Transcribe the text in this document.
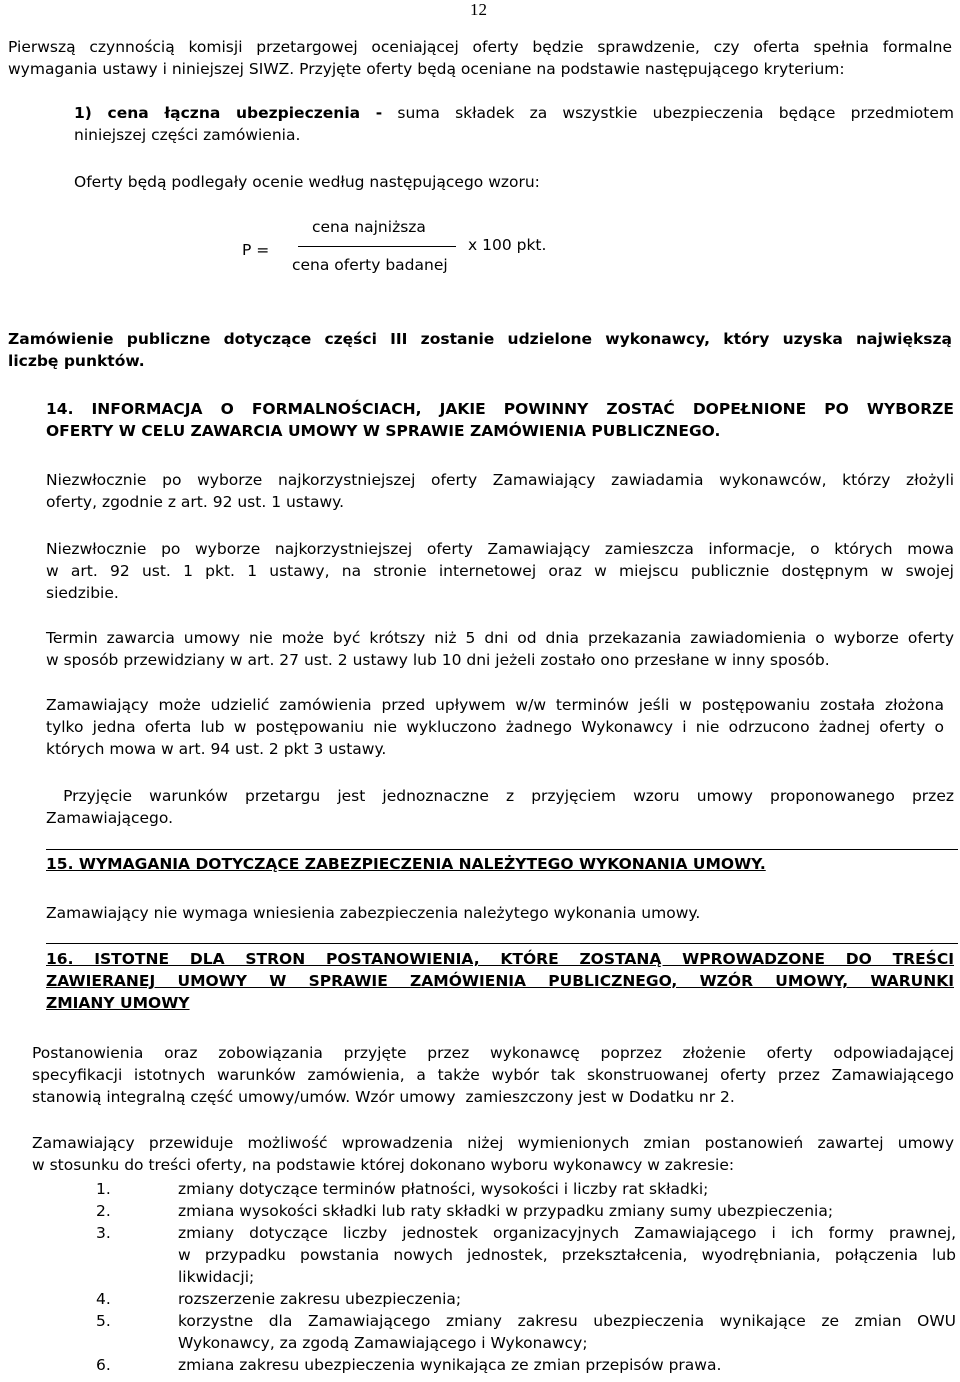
12
Pierwszą czynnością komisji przetargowej oceniającej oferty będzie sprawdzenie, czy oferta spełnia formalne
wymagania ustawy i niniejszej SIWZ. Przyjęte oferty będą oceniane na podstawie następującego kryterium:
1) cena łączna ubezpieczenia - suma składek za wszystkie ubezpieczenia będące przedmiotem
niniejszej części zamówienia.
Oferty będą podlegały ocenie według następującego wzoru:
P =
cena najniższa
cena oferty badanej
x 100 pkt.
Zamówienie publiczne dotyczące części III zostanie udzielone wykonawcy, który uzyska największą
liczbę punktów.
14. INFORMACJA O FORMALNOŚCIACH, JAKIE POWINNY ZOSTAĆ DOPEŁNIONE PO WYBORZE
OFERTY W CELU ZAWARCIA UMOWY W SPRAWIE ZAMÓWIENIA PUBLICZNEGO.
Niezwłocznie po wyborze najkorzystniejszej oferty Zamawiający zawiadamia wykonawców, którzy złożyli
oferty, zgodnie z art. 92 ust. 1 ustawy.
Niezwłocznie po wyborze najkorzystniejszej oferty Zamawiający zamieszcza informacje, o których mowa
w art. 92 ust. 1 pkt. 1 ustawy, na stronie internetowej oraz w miejscu publicznie dostępnym w swojej
siedzibie.
Termin zawarcia umowy nie może być krótszy niż 5 dni od dnia przekazania zawiadomienia o wyborze oferty
w sposób przewidziany w art. 27 ust. 2 ustawy lub 10 dni jeżeli zostało ono przesłane w inny sposób.
Zamawiający może udzielić zamówienia przed upływem w/w terminów jeśli w postępowaniu została złożona
tylko jedna oferta lub w postępowaniu nie wykluczono żadnego Wykonawcy i nie odrzucono żadnej oferty o
których mowa w art. 94 ust. 2 pkt 3 ustawy.
Przyjęcie warunków przetargu jest jednoznaczne z przyjęciem wzoru umowy proponowanego przez
Zamawiającego.
15. WYMAGANIA DOTYCZĄCE ZABEZPIECZENIA NALEŻYTEGO WYKONANIA UMOWY.
Zamawiający nie wymaga wniesienia zabezpieczenia należytego wykonania umowy.
16. ISTOTNE DLA STRON POSTANOWIENIA, KTÓRE ZOSTANĄ WPROWADZONE DO TREŚCI
ZAWIERANEJ UMOWY W SPRAWIE ZAMÓWIENIA PUBLICZNEGO, WZÓR UMOWY, WARUNKI
ZMIANY UMOWY
Postanowienia oraz zobowiązania przyjęte przez wykonawcę poprzez złożenie oferty odpowiadającej
specyfikacji istotnych warunków zamówienia, a także wybór tak skonstruowanej oferty przez Zamawiającego
stanowią integralną część umowy/umów. Wzór umowy  zamieszczony jest w Dodatku nr 2.
Zamawiający przewiduje możliwość wprowadzenia niżej wymienionych zmian postanowień zawartej umowy
w stosunku do treści oferty, na podstawie której dokonano wyboru wykonawcy w zakresie:
1.	zmiany dotyczące terminów płatności, wysokości i liczby rat składki;
2.	zmiana wysokości składki lub raty składki w przypadku zmiany sumy ubezpieczenia;
3.	zmiany dotyczące liczby jednostek organizacyjnych Zamawiającego i ich formy prawnej,
w przypadku powstania nowych jednostek, przekształcenia, wyodrębniania, połączenia lub
likwidacji;
4.	rozszerzenie zakresu ubezpieczenia;
5.	korzystne dla Zamawiającego zmiany zakresu ubezpieczenia wynikające ze zmian OWU
Wykonawcy, za zgodą Zamawiającego i Wykonawcy;
6.	zmiana zakresu ubezpieczenia wynikająca ze zmian przepisów prawa.
